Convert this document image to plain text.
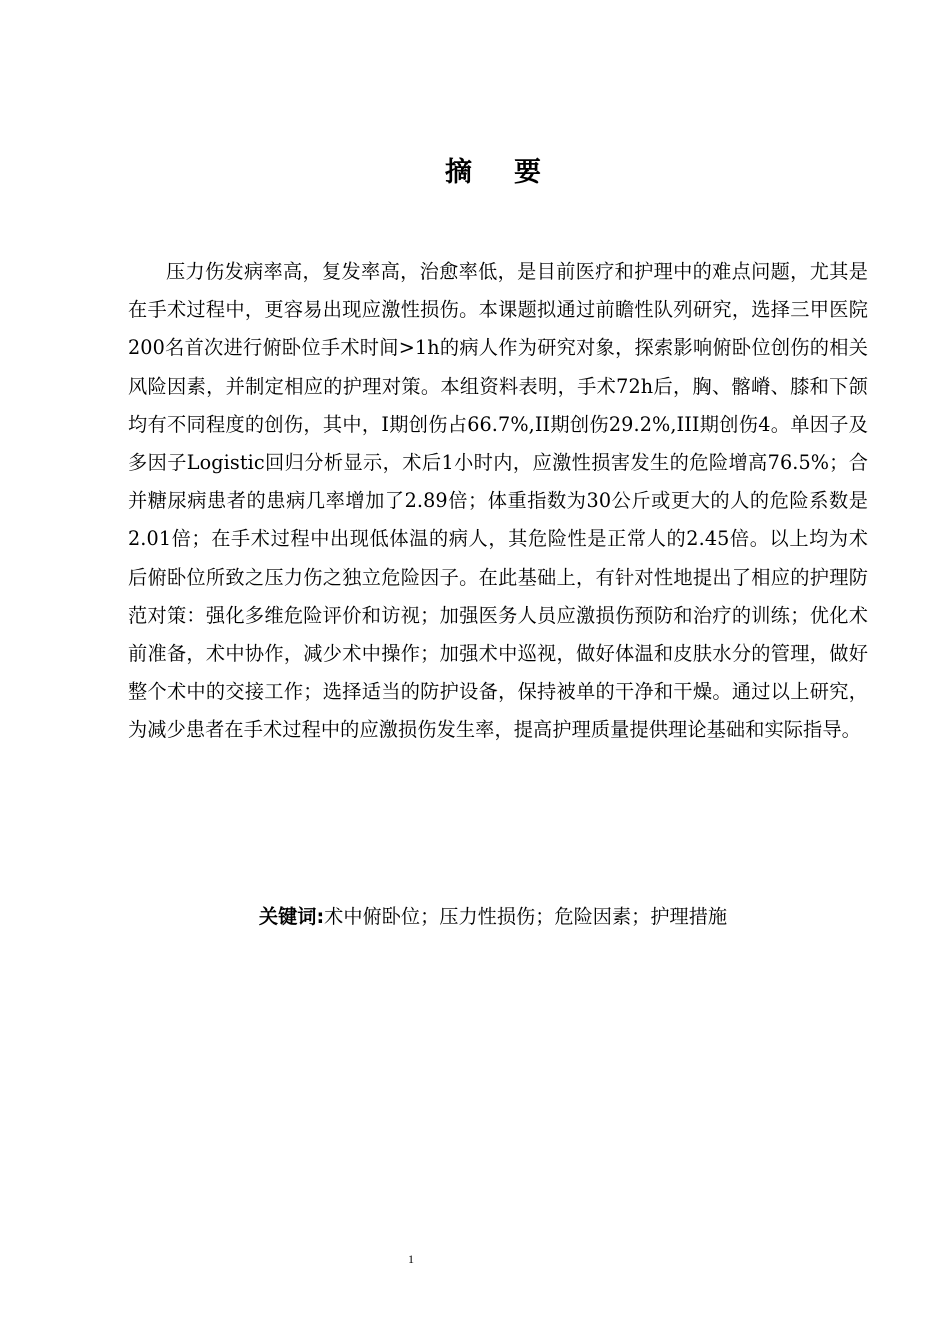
摘 要

压力伤发病率高，复发率高，治愈率低，是目前医疗和护理中的难点问题，尤其是在手术过程中，更容易出现应激性损伤。本课题拟通过前瞻性队列研究，选择三甲医院200名首次进行俯卧位手术时间>1h的病人作为研究对象，探索影响俯卧位创伤的相关风险因素，并制定相应的护理对策。本组资料表明，手术72h后，胸、髂嵴、膝和下颌均有不同程度的创伤，其中，I期创伤占66.7%,II期创伤29.2%,III期创伤4。单因子及多因子Logistic回归分析显示，术后1小时内，应激性损害发生的危险增高76.5%；合并糖尿病患者的患病几率增加了2.89倍；体重指数为30公斤或更大的人的危险系数是2.01倍；在手术过程中出现低体温的病人，其危险性是正常人的2.45倍。以上均为术后俯卧位所致之压力伤之独立危险因子。在此基础上，有针对性地提出了相应的护理防范对策：强化多维危险评价和访视；加强医务人员应激损伤预防和治疗的训练；优化术前准备，术中协作，减少术中操作；加强术中巡视，做好体温和皮肤水分的管理，做好整个术中的交接工作；选择适当的防护设备，保持被单的干净和干燥。通过以上研究，为减少患者在手术过程中的应激损伤发生率，提高护理质量提供理论基础和实际指导。

关键词:术中俯卧位；压力性损伤；危险因素；护理措施

1
